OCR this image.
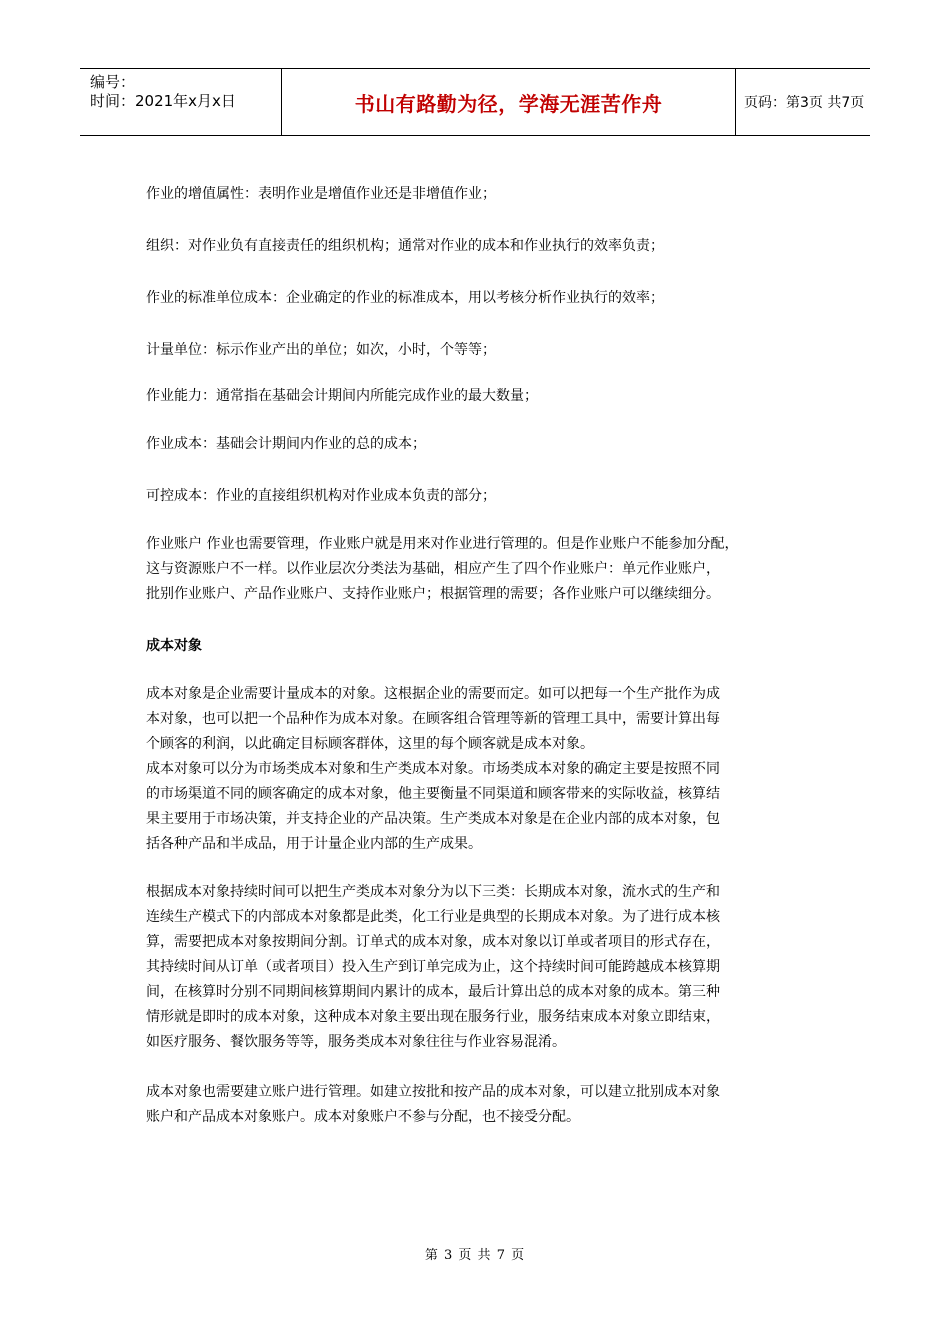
编号：
时间：2021年x月x日	书山有路勤为径，学海无涯苦作舟	页码：第3页 共7页

作业的增值属性：表明作业是增值作业还是非增值作业；

组织：对作业负有直接责任的组织机构；通常对作业的成本和作业执行的效率负责；

作业的标准单位成本：企业确定的作业的标准成本，用以考核分析作业执行的效率；

计量单位：标示作业产出的单位；如次，小时，个等等；

作业能力：通常指在基础会计期间内所能完成作业的最大数量；

作业成本：基础会计期间内作业的总的成本；

可控成本：作业的直接组织机构对作业成本负责的部分；

作业账户 作业也需要管理，作业账户就是用来对作业进行管理的。但是作业账户不能参加分配，
这与资源账户不一样。以作业层次分类法为基础，相应产生了四个作业账户：单元作业账户，
批别作业账户、产品作业账户、支持作业账户；根据管理的需要；各作业账户可以继续细分。

成本对象

成本对象是企业需要计量成本的对象。这根据企业的需要而定。如可以把每一个生产批作为成
本对象，也可以把一个品种作为成本对象。在顾客组合管理等新的管理工具中，需要计算出每
个顾客的利润，以此确定目标顾客群体，这里的每个顾客就是成本对象。
成本对象可以分为市场类成本对象和生产类成本对象。市场类成本对象的确定主要是按照不同
的市场渠道不同的顾客确定的成本对象，他主要衡量不同渠道和顾客带来的实际收益，核算结
果主要用于市场决策，并支持企业的产品决策。生产类成本对象是在企业内部的成本对象，包
括各种产品和半成品，用于计量企业内部的生产成果。

根据成本对象持续时间可以把生产类成本对象分为以下三类：长期成本对象，流水式的生产和
连续生产模式下的内部成本对象都是此类，化工行业是典型的长期成本对象。为了进行成本核
算，需要把成本对象按期间分割。订单式的成本对象，成本对象以订单或者项目的形式存在，
其持续时间从订单（或者项目）投入生产到订单完成为止，这个持续时间可能跨越成本核算期
间，在核算时分别不同期间核算期间内累计的成本，最后计算出总的成本对象的成本。第三种
情形就是即时的成本对象，这种成本对象主要出现在服务行业，服务结束成本对象立即结束，
如医疗服务、餐饮服务等等，服务类成本对象往往与作业容易混淆。

成本对象也需要建立账户进行管理。如建立按批和按产品的成本对象，可以建立批别成本对象
账户和产品成本对象账户。成本对象账户不参与分配，也不接受分配。

第 3 页 共 7 页
